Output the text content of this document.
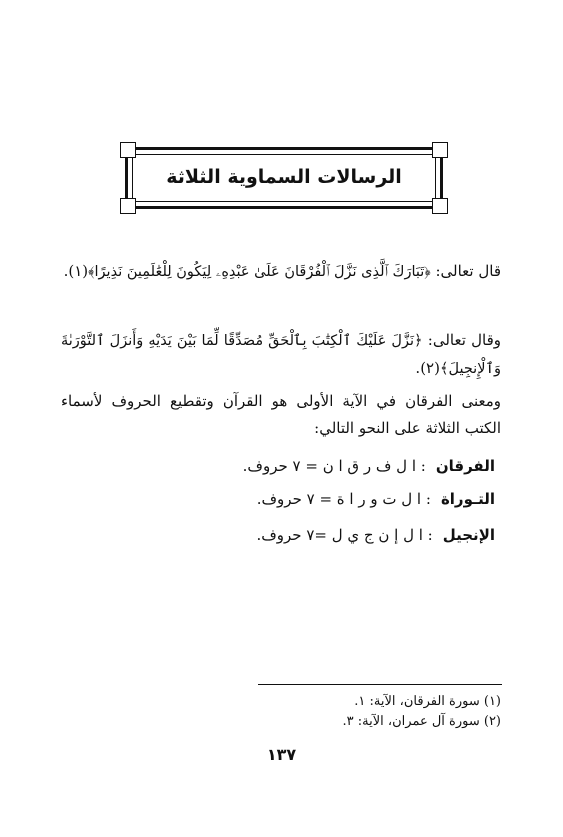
الرسالات السماوية الثلاثة
قال تعالى: ﴿تَبَارَكَ ٱلَّذِى نَزَّلَ ٱلْفُرْقَانَ عَلَىٰ عَبْدِهِۦ لِيَكُونَ لِلْعَٰلَمِينَ نَذِيرًا﴾(١).
وقال تعالى: ﴿نَزَّلَ عَلَيْكَ ٱلْكِتَٰبَ بِٱلْحَقِّ مُصَدِّقًا لِّمَا بَيْنَ يَدَيْهِ وَأَنزَلَ ٱلتَّوْرَىٰةَ وَٱلْإِنجِيلَ﴾(٢).
ومعنى الفرقان في الآية الأولى هو القرآن وتقطيع الحروف لأسماء الكتب الثلاثة على النحو التالي:
الفرقان: ا ل ف ر ق ا ن = ٧ حروف.
التـوراة: ا ل ت و ر ا ة = ٧ حروف.
الإنجيل: ا ل إ ن ج ي ل =٧ حروف.
(١) سورة الفرقان، الآية: ١.
(٢) سورة آل عمران، الآية: ٣.
١٣٧
